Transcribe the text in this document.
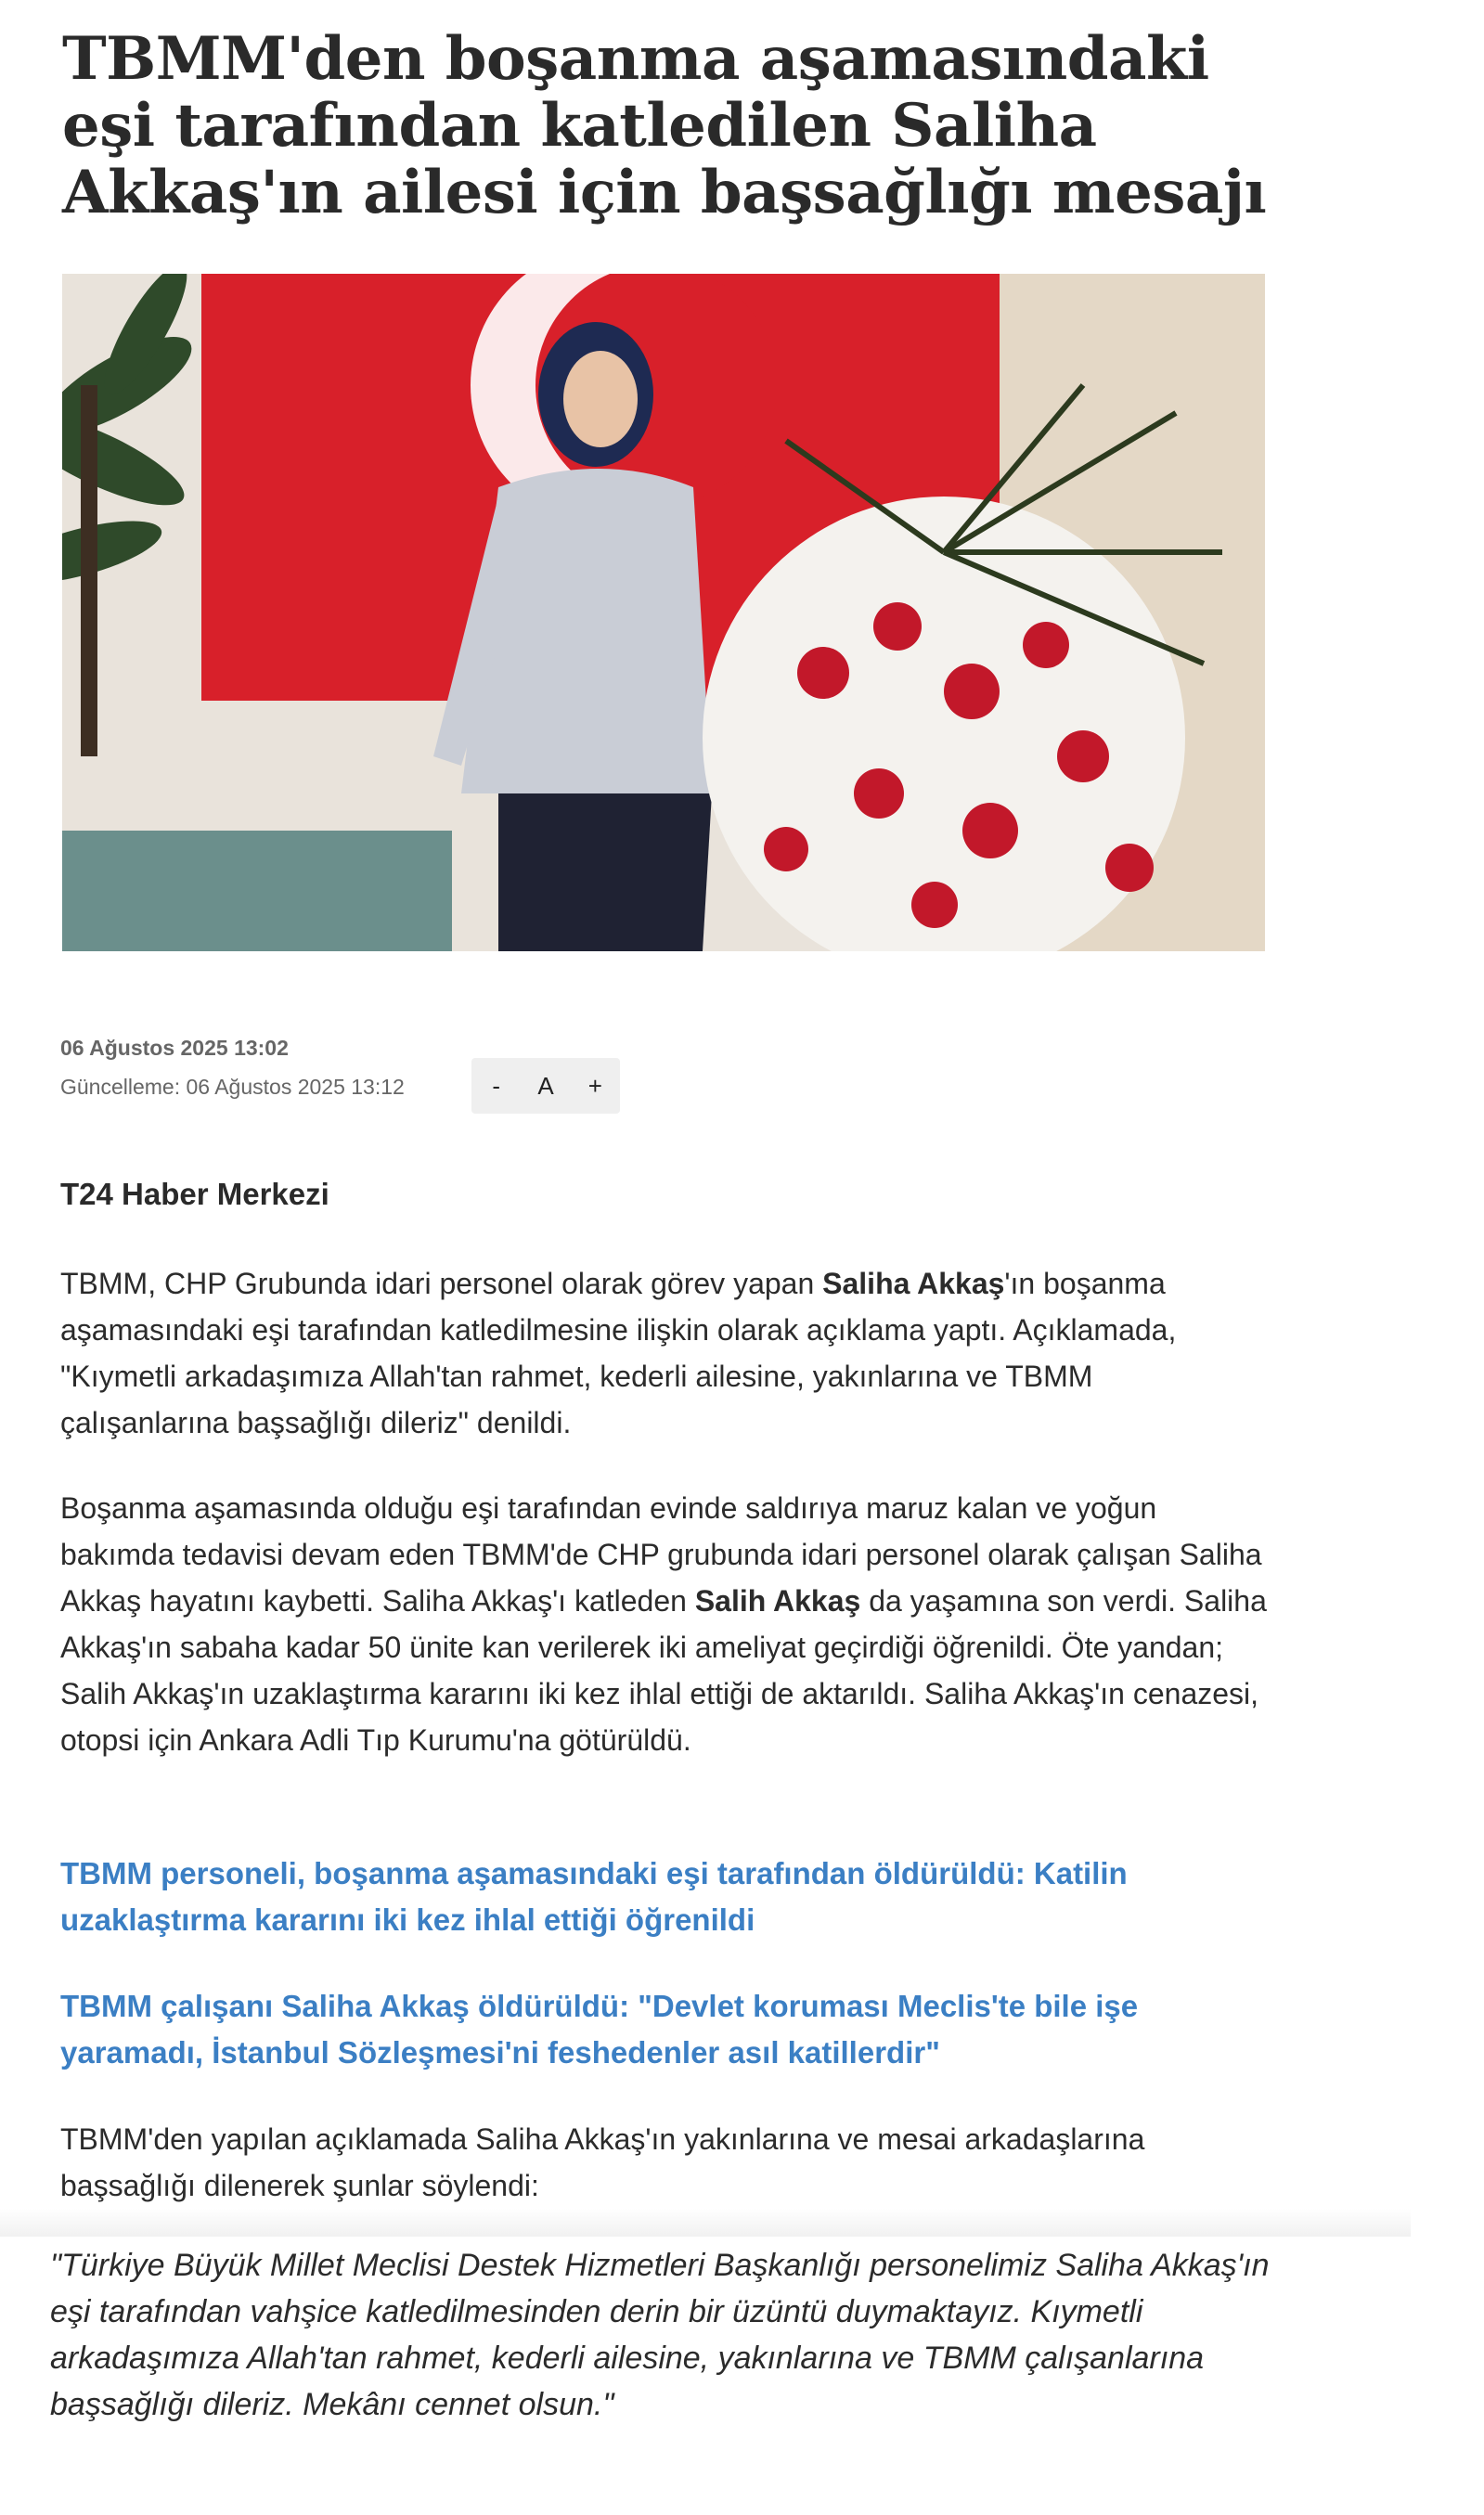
TBMM'den boşanma aşamasındaki eşi tarafından katledilen Saliha Akkaş'ın ailesi için başsağlığı mesajı
06 Ağustos 2025 13:02
Güncelleme: 06 Ağustos 2025 13:12	-	A	+
T24 Haber Merkezi

TBMM, CHP Grubunda idari personel olarak görev yapan Saliha Akkaş'ın boşanma aşamasındaki eşi tarafından katledilmesine ilişkin olarak açıklama yaptı. Açıklamada, "Kıymetli arkadaşımıza Allah'tan rahmet, kederli ailesine, yakınlarına ve TBMM çalışanlarına başsağlığı dileriz" denildi.

Boşanma aşamasında olduğu eşi tarafından evinde saldırıya maruz kalan ve yoğun bakımda tedavisi devam eden TBMM'de CHP grubunda idari personel olarak çalışan Saliha Akkaş hayatını kaybetti. Saliha Akkaş'ı katleden Salih Akkaş da yaşamına son verdi. Saliha Akkaş'ın sabaha kadar 50 ünite kan verilerek iki ameliyat geçirdiği öğrenildi. Öte yandan; Salih Akkaş'ın uzaklaştırma kararını iki kez ihlal ettiği de aktarıldı. Saliha Akkaş'ın cenazesi, otopsi için Ankara Adli Tıp Kurumu'na götürüldü.

TBMM personeli, boşanma aşamasındaki eşi tarafından öldürüldü: Katilin uzaklaştırma kararını iki kez ihlal ettiği öğrenildi
TBMM çalışanı Saliha Akkaş öldürüldü: "Devlet koruması Meclis'te bile işe yaramadı, İstanbul Sözleşmesi'ni feshedenler asıl katillerdir"

TBMM'den yapılan açıklamada Saliha Akkaş'ın yakınlarına ve mesai arkadaşlarına başsağlığı dilenerek şunlar söylendi:

"Türkiye Büyük Millet Meclisi Destek Hizmetleri Başkanlığı personelimiz Saliha Akkaş'ın eşi tarafından vahşice katledilmesinden derin bir üzüntü duymaktayız. Kıymetli arkadaşımıza Allah'tan rahmet, kederli ailesine, yakınlarına ve TBMM çalışanlarına başsağlığı dileriz. Mekânı cennet olsun."
